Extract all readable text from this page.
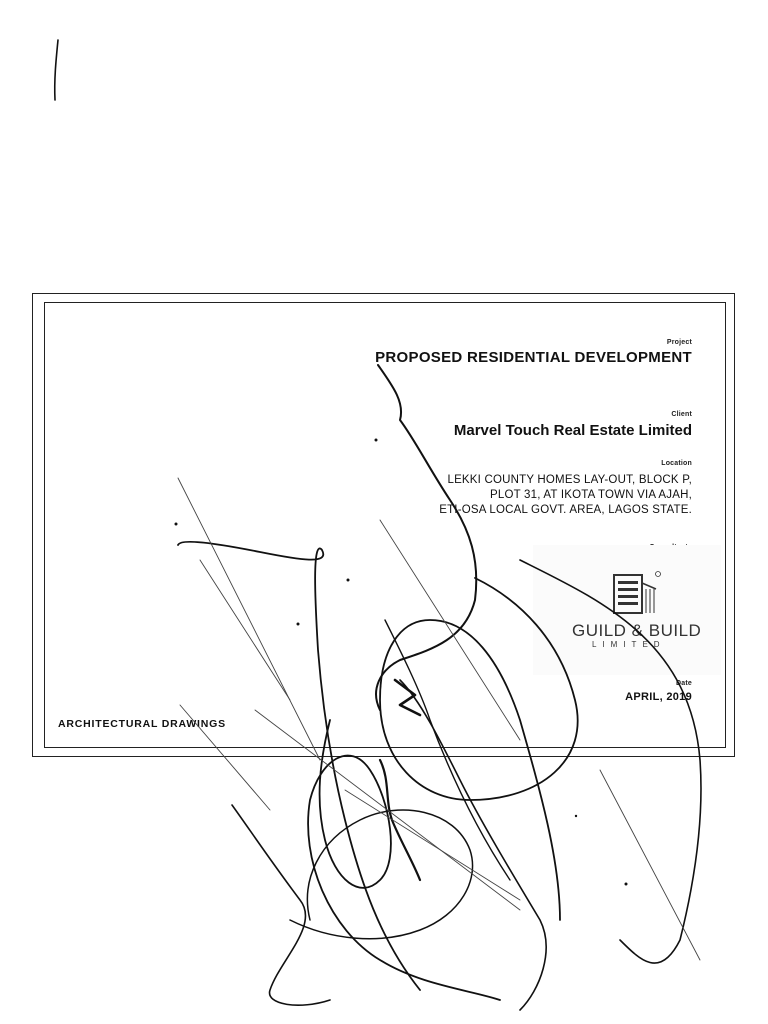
Project
PROPOSED RESIDENTIAL DEVELOPMENT
Client
Marvel Touch Real Estate Limited
Location
LEKKI COUNTY HOMES LAY-OUT, BLOCK P,
PLOT 31, AT IKOTA TOWN VIA AJAH,
ETI-OSA LOCAL GOVT. AREA, LAGOS STATE.
GUILD & BUILD
LIMITED
Date
APRIL, 2019
ARCHITECTURAL DRAWINGS
